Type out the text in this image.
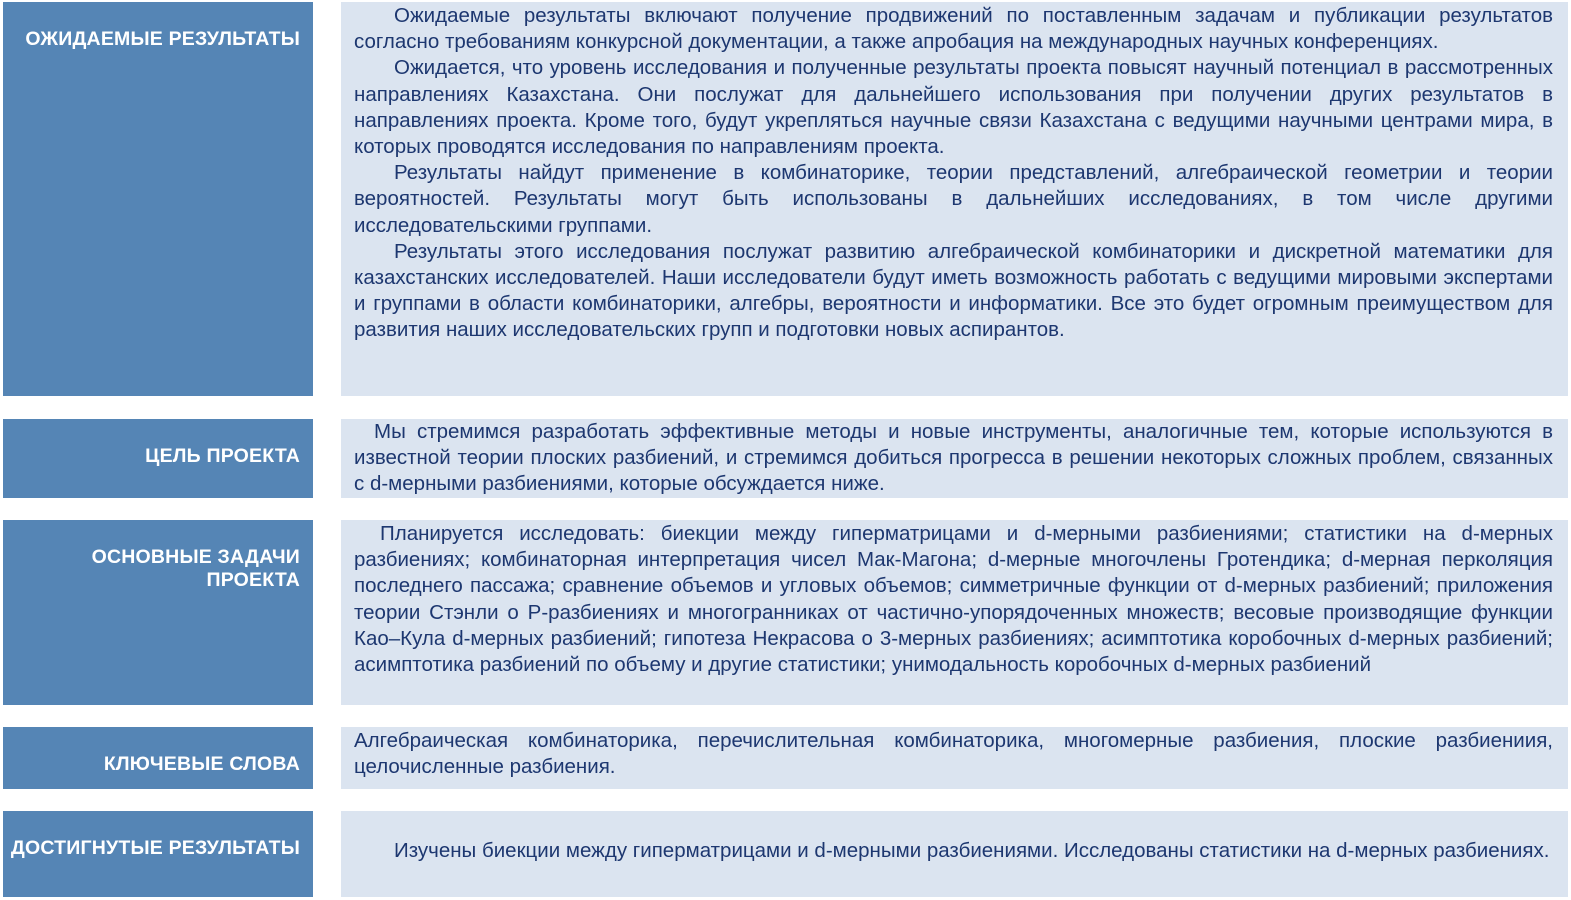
ОЖИДАЕМЫЕ РЕЗУЛЬТАТЫ

Ожидаемые результаты включают получение продвижений по поставленным задачам и публикации результатов согласно требованиям конкурсной документации, а также апробация на международных научных конференциях.

Ожидается, что уровень исследования и полученные результаты проекта повысят научный потенциал в рассмотренных направлениях Казахстана. Они послужат для дальнейшего использования при получении других результатов в направлениях проекта. Кроме того, будут укрепляться научные связи Казахстана с ведущими научными центрами мира, в которых проводятся исследования по направлениям проекта.

Результаты найдут применение в комбинаторике, теории представлений, алгебраической геометрии и теории вероятностей. Результаты могут быть использованы в дальнейших исследованиях, в том числе другими исследовательскими группами.

Результаты этого исследования послужат развитию алгебраической комбинаторики и дискретной математики для казахстанских исследователей. Наши исследователи будут иметь возможность работать с ведущими мировыми экспертами и группами в области комбинаторики, алгебры, вероятности и информатики. Все это будет огромным преимуществом для развития наших исследовательских групп и подготовки новых аспирантов.

ЦЕЛЬ ПРОЕКТА

Мы стремимся разработать эффективные методы и новые инструменты, аналогичные тем, которые используются в известной теории плоских разбиений, и стремимся добиться прогресса в решении некоторых сложных проблем, связанных с d-мерными разбиениями, которые обсуждается ниже.

ОСНОВНЫЕ ЗАДАЧИ ПРОЕКТА

Планируется исследовать: биекции между гиперматрицами и d-мерными разбиениями; статистики на d-мерных разбиениях; комбинаторная интерпретация чисел Мак-Магона; d-мерные многочлены Гротендика; d-мерная перколяция последнего пассажа; сравнение объемов и угловых объемов; симметричные функции от d-мерных разбиений; приложения теории Стэнли о P-разбиениях и многогранниках от частично-упорядоченных множеств; весовые производящие функции Као–Кула d-мерных разбиений; гипотеза Некрасова о 3-мерных разбиениях; асимптотика коробочных d-мерных разбиений; асимптотика разбиений по объему и другие статистики; унимодальность коробочных d-мерных разбиений

КЛЮЧЕВЫЕ СЛОВА

Алгебраическая комбинаторика, перечислительная комбинаторика, многомерные разбиения, плоские разбиениия, целочисленные разбиения.

ДОСТИГНУТЫЕ РЕЗУЛЬТАТЫ	Изучены биекции между гиперматрицами и d-мерными разбиениями. Исследованы статистики на d-мерных разбиениях.
